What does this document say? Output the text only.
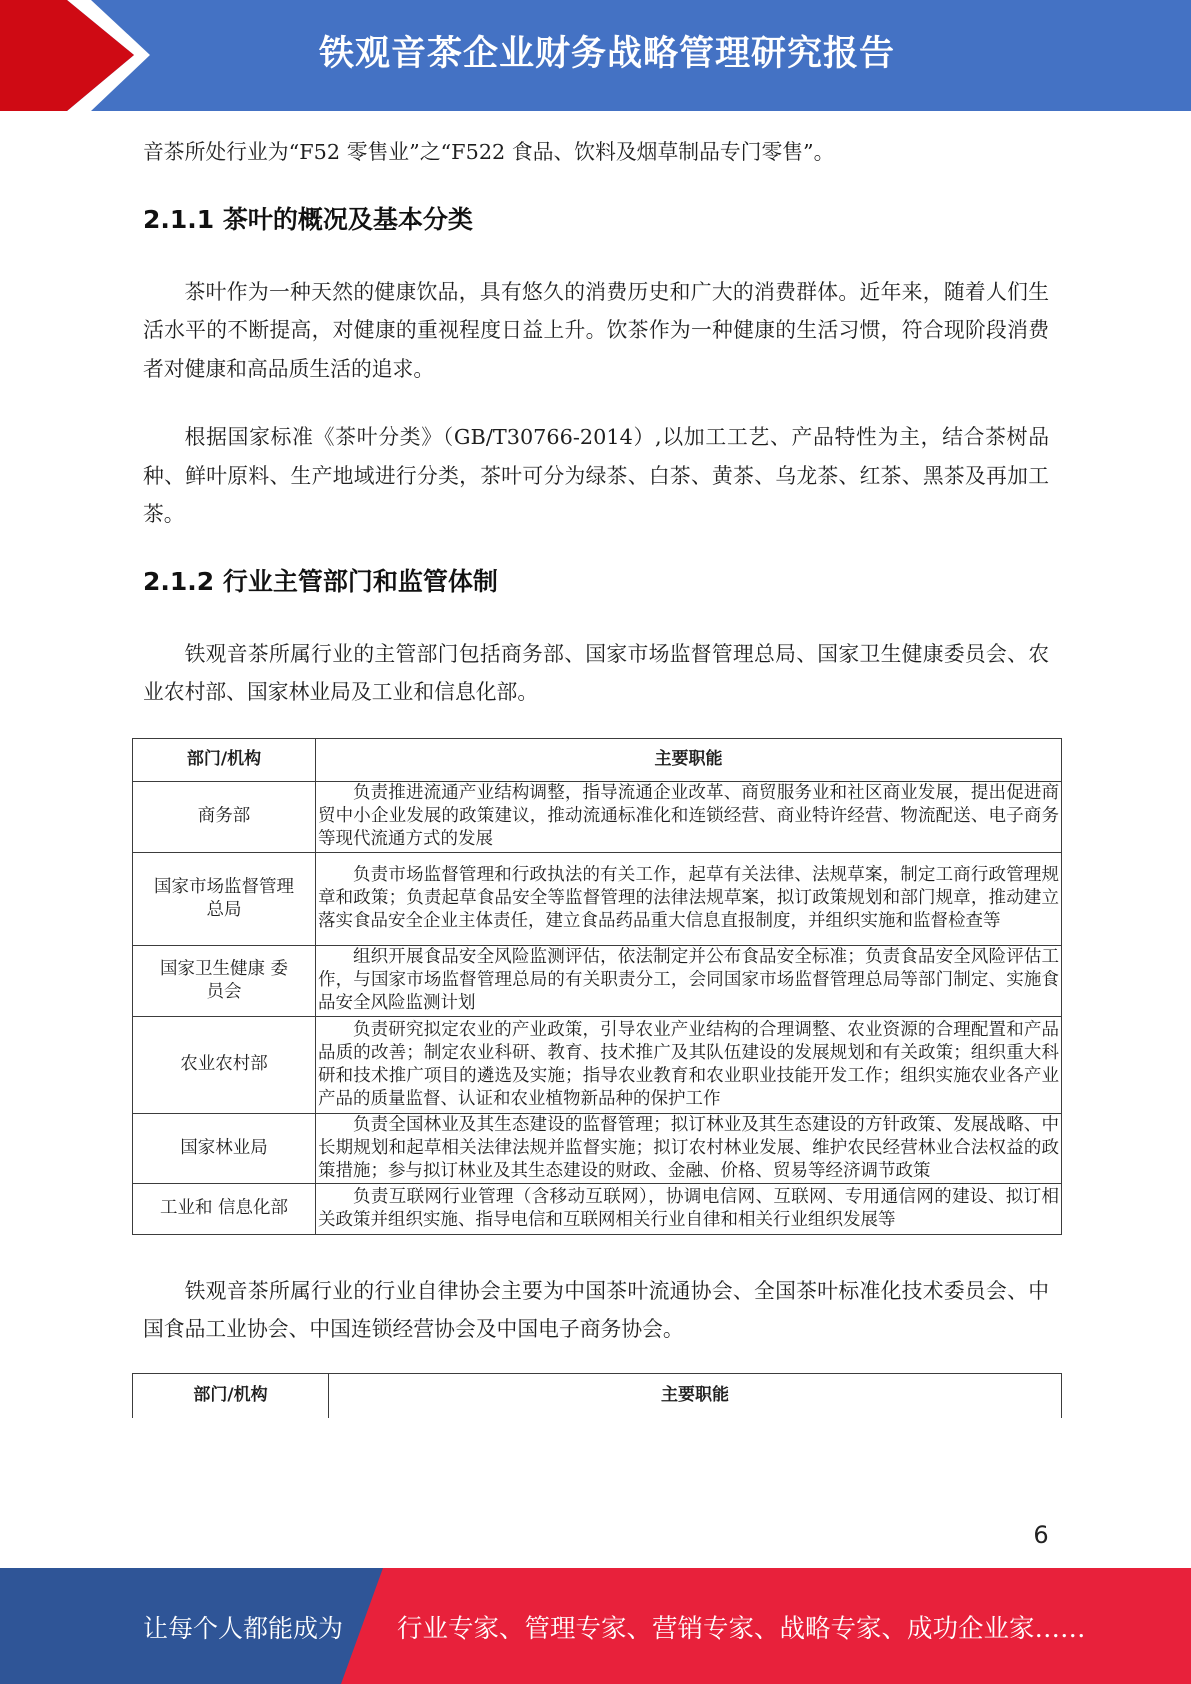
铁观音茶企业财务战略管理研究报告
音茶所处行业为“F52 零售业”之“F522 食品、饮料及烟草制品专门零售”。
2.1.1 茶叶的概况及基本分类
茶叶作为一种天然的健康饮品，具有悠久的消费历史和广大的消费群体。近年来，随着人们生活水平的不断提高，对健康的重视程度日益上升。饮茶作为一种健康的生活习惯，符合现阶段消费者对健康和高品质生活的追求。
根据国家标准《茶叶分类》（GB/T30766-2014）,以加工工艺、产品特性为主，结合茶树品种、鲜叶原料、生产地域进行分类，茶叶可分为绿茶、白茶、黄茶、乌龙茶、红茶、黑茶及再加工茶。
2.1.2 行业主管部门和监管体制
铁观音茶所属行业的主管部门包括商务部、国家市场监督管理总局、国家卫生健康委员会、农业农村部、国家林业局及工业和信息化部。
部门/机构	主要职能
商务部	负责推进流通产业结构调整，指导流通企业改革、商贸服务业和社区商业发展，提出促进商 贸中小企业发展的政策建议，推动流通标准化和连锁经营、商业特许经营、物流配送、电子商务等现代流通方式的发展
国家市场监督管理总局	负责市场监督管理和行政执法的有关工作，起草有关法律、法规草案，制定工商行政管理规 章和政策；负责起草食品安全等监督管理的法律法规草案，拟订政策规划和部门规章，推动建立落实食品安全企业主体责任，建立食品药品重大信息直报制度，并组织实施和监督检查等
国家卫生健康 委员会	组织开展食品安全风险监测评估，依法制定并公布食品安全标准；负责食品安全风险评估工 作，与国家市场监督管理总局的有关职责分工，会同国家市场监督管理总局等部门制定、实施食品安全风险监测计划
农业农村部	负责研究拟定农业的产业政策，引导农业产业结构的合理调整、农业资源的合理配置和产品 品质的改善；制定农业科研、教育、技术推广及其队伍建设的发展规划和有关政策；组织重大科研和技术推广项目的遴选及实施；指导农业教育和农业职业技能开发工作；组织实施农业各产业产品的质量监督、认证和农业植物新品种的保护工作
国家林业局	负责全国林业及其生态建设的监督管理；拟订林业及其生态建设的方针政策、发展战略、中 长期规划和起草相关法律法规并监督实施；拟订农村林业发展、维护农民经营林业合法权益的政策措施；参与拟订林业及其生态建设的财政、金融、价格、贸易等经济调节政策
工业和 信息化部	负责互联网行业管理（含移动互联网），协调电信网、互联网、专用通信网的建设、拟订相 关政策并组织实施、指导电信和互联网相关行业自律和相关行业组织发展等
铁观音茶所属行业的行业自律协会主要为中国茶叶流通协会、全国茶叶标准化技术委员会、中国食品工业协会、中国连锁经营协会及中国电子商务协会。
部门/机构	主要职能
6
让每个人都能成为 行业专家、管理专家、营销专家、战略专家、成功企业家……
